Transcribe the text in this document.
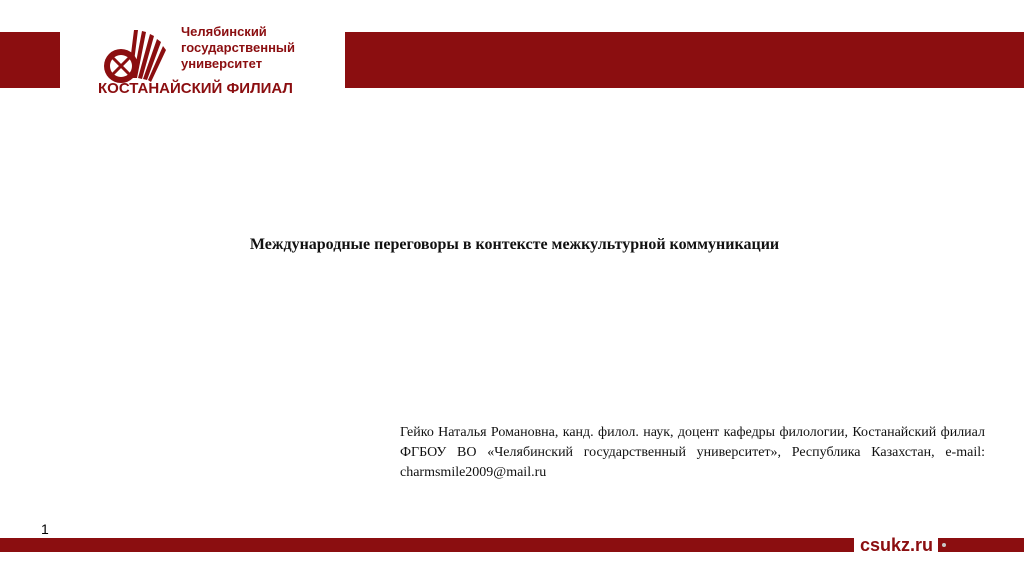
Челябинский
государственный
университет
КОСТАНАЙСКИЙ ФИЛИАЛ
Международные переговоры в контексте межкультурной коммуникации
Гейко Наталья Романовна, канд. филол. наук, доцент кафедры филологии, Костанайский филиал ФГБОУ ВО «Челябинский государственный университет», Республика Казахстан, e-mail: charmsmile2009@mail.ru
1
csukz.ru
